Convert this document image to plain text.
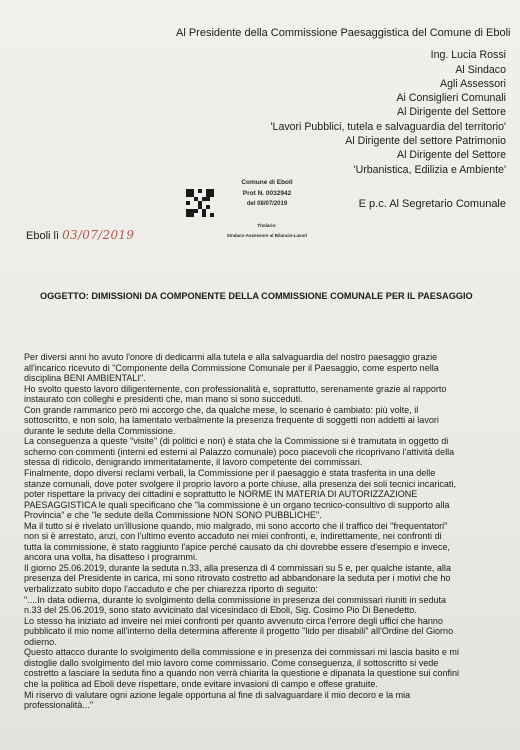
Al Presidente della Commissione Paesaggistica del Comune di Eboli
Ing. Lucia Rossi
Al Sindaco
Agli Assessori
Ai Consiglieri Comunali
Al Dirigente del Settore
'Lavori Pubblici, tutela e salvaguardia del territorio'
Al Dirigente del settore Patrimonio
Al Dirigente del Settore
'Urbanistica, Edilizia e Ambiente'
E p.c. Al Segretario Comunale
Comune di Eboli
Prot N. 0032942
del 08/07/2019
Titolario:
Sindaco-Assessore al Bilancio-Lavori
Eboli lì 03/07/2019
OGGETTO: DIMISSIONI DA COMPONENTE DELLA COMMISSIONE COMUNALE PER IL PAESAGGIO
Per diversi anni ho avuto l'onore di dedicarmi alla tutela e alla salvaguardia del nostro paesaggio grazie
all'incarico ricevuto di "Componente della Commissione Comunale per il Paesaggio, come esperto nella
disciplina BENI AMBIENTALI".
Ho svolto questo lavoro diligentemente, con professionalità e, soprattutto, serenamente grazie al rapporto
instaurato con colleghi e presidenti che, man mano si sono succeduti.
Con grande rammarico però mi accorgo che, da qualche mese, lo scenario è cambiato: più volte, il
sottoscritto, e non solo, ha lamentato verbalmente la presenza frequente di soggetti non addetti ai lavori
durante le sedute della Commissione.
La conseguenza a queste "visite" (di politici e non) è stata che la Commissione si è tramutata in oggetto di
scherno con commenti (interni ed esterni al Palazzo comunale) poco piacevoli che ricoprivano l'attività della
stessa di ridicolo, denigrando immeritatamente, il lavoro competente dei commissari.
Finalmente, dopo diversi reclami verbali, la Commissione per il paesaggio è stata trasferita in una delle
stanze comunali, dove poter svolgere il proprio lavoro a porte chiuse, alla presenza dei soli tecnici incaricati,
poter rispettare la privacy dei cittadini e soprattutto le NORME IN MATERIA DI AUTORIZZAZIONE
PAESAGGISTICA le quali specificano che "la commissione è un organo tecnico-consultivo di supporto alla
Provincia" e che "le sedute della Commissione NON SONO PUBBLICHE".
Ma il tutto si è rivelato un'illusione quando, mio malgrado, mi sono accorto che il traffico dei "frequentatori"
non si è arrestato, anzi, con l'ultimo evento accaduto nei miei confronti, e, indirettamente, nei confronti di
tutta la commissione, è stato raggiunto l'apice perché causato da chi dovrebbe essere d'esempio e invece,
ancora una volta, ha disatteso i programmi.
Il giorno 25.06.2019, durante la seduta n.33, alla presenza di 4 commissari su 5 e, per qualche istante, alla
presenza del Presidente in carica, mi sono ritrovato costretto ad abbandonare la seduta per i motivi che ho
verbalizzato subito dopo l'accaduto e che per chiarezza riporto di seguito:
"....In data odierna, durante lo svolgimento della commissione in presenza dei commissari riuniti in seduta
n.33 del 25.06.2019, sono stato avvicinato dal vicesindaco di Eboli, Sig. Cosimo Pio Di Benedetto.
Lo stesso ha iniziato ad inveire nei miei confronti per quanto avvenuto circa l'errore degli uffici che hanno
pubblicato il mio nome all'interno della determina afferente il progetto "lido per disabili" all'Ordine del Giorno
odierno.
Questo attacco durante lo svolgimento della commissione e in presenza dei commissari mi lascia basito e mi
distoglie dallo svolgimento del mio lavoro come commissario. Come conseguenza, il sottoscritto si vede
costretto a lasciare la seduta fino a quando non verrà chiarita la questione e dipanata la questione sui confini
che la politica ad Eboli deve rispettare, onde evitare invasioni di campo e offese gratuite.
Mi riservo di valutare ogni azione legale opportuna al fine di salvaguardare il mio decoro e la mia
professionalità..."
